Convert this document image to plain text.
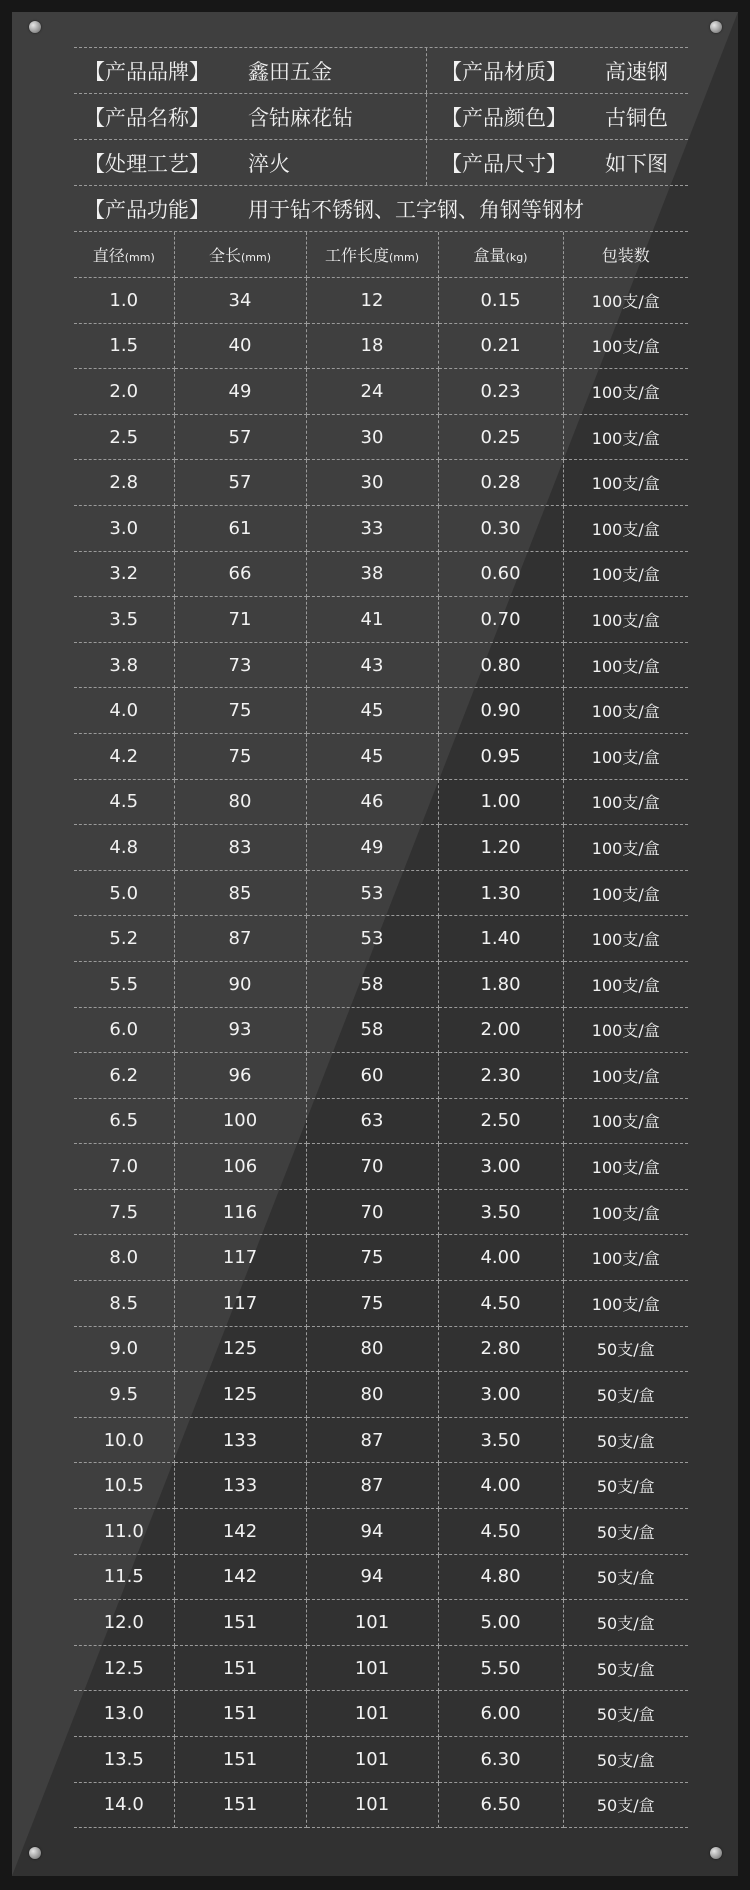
【产品品牌】	鑫田五金	【产品材质】	高速钢
【产品名称】	含钴麻花钻	【产品颜色】	古铜色
【处理工艺】	淬火	【产品尺寸】	如下图
【产品功能】	用于钻不锈钢、工字钢、角钢等钢材
直径(mm)	全长(mm)	工作长度(mm)	盒量(kg)	包装数
1.0	34	12	0.15	100支/盒
1.5	40	18	0.21	100支/盒
2.0	49	24	0.23	100支/盒
2.5	57	30	0.25	100支/盒
2.8	57	30	0.28	100支/盒
3.0	61	33	0.30	100支/盒
3.2	66	38	0.60	100支/盒
3.5	71	41	0.70	100支/盒
3.8	73	43	0.80	100支/盒
4.0	75	45	0.90	100支/盒
4.2	75	45	0.95	100支/盒
4.5	80	46	1.00	100支/盒
4.8	83	49	1.20	100支/盒
5.0	85	53	1.30	100支/盒
5.2	87	53	1.40	100支/盒
5.5	90	58	1.80	100支/盒
6.0	93	58	2.00	100支/盒
6.2	96	60	2.30	100支/盒
6.5	100	63	2.50	100支/盒
7.0	106	70	3.00	100支/盒
7.5	116	70	3.50	100支/盒
8.0	117	75	4.00	100支/盒
8.5	117	75	4.50	100支/盒
9.0	125	80	2.80	50支/盒
9.5	125	80	3.00	50支/盒
10.0	133	87	3.50	50支/盒
10.5	133	87	4.00	50支/盒
11.0	142	94	4.50	50支/盒
11.5	142	94	4.80	50支/盒
12.0	151	101	5.00	50支/盒
12.5	151	101	5.50	50支/盒
13.0	151	101	6.00	50支/盒
13.5	151	101	6.30	50支/盒
14.0	151	101	6.50	50支/盒
